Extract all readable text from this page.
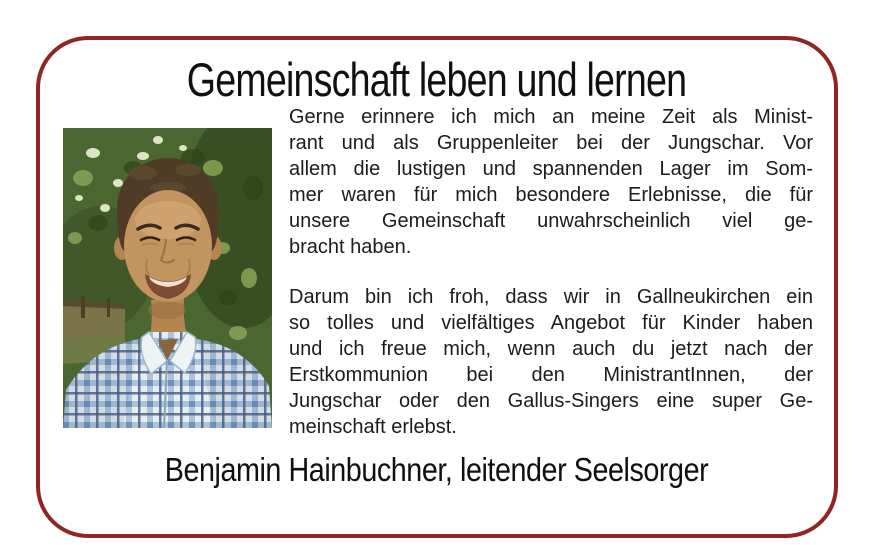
Gemeinschaft leben und lernen
Gerne erinnere ich mich an meine Zeit als Minist-
rant und als Gruppenleiter bei der Jungschar. Vor
allem die lustigen und spannenden Lager im Som-
mer waren für mich besondere Erlebnisse, die für
unsere Gemeinschaft unwahrscheinlich viel ge-
bracht haben.
Darum bin ich froh, dass wir in Gallneukirchen ein
so tolles und vielfältiges Angebot für Kinder haben
und ich freue mich, wenn auch du jetzt nach der
Erstkommunion bei den MinistrantInnen, der
Jungschar oder den Gallus-Singers eine super Ge-
meinschaft erlebst.
Benjamin Hainbuchner, leitender Seelsorger
